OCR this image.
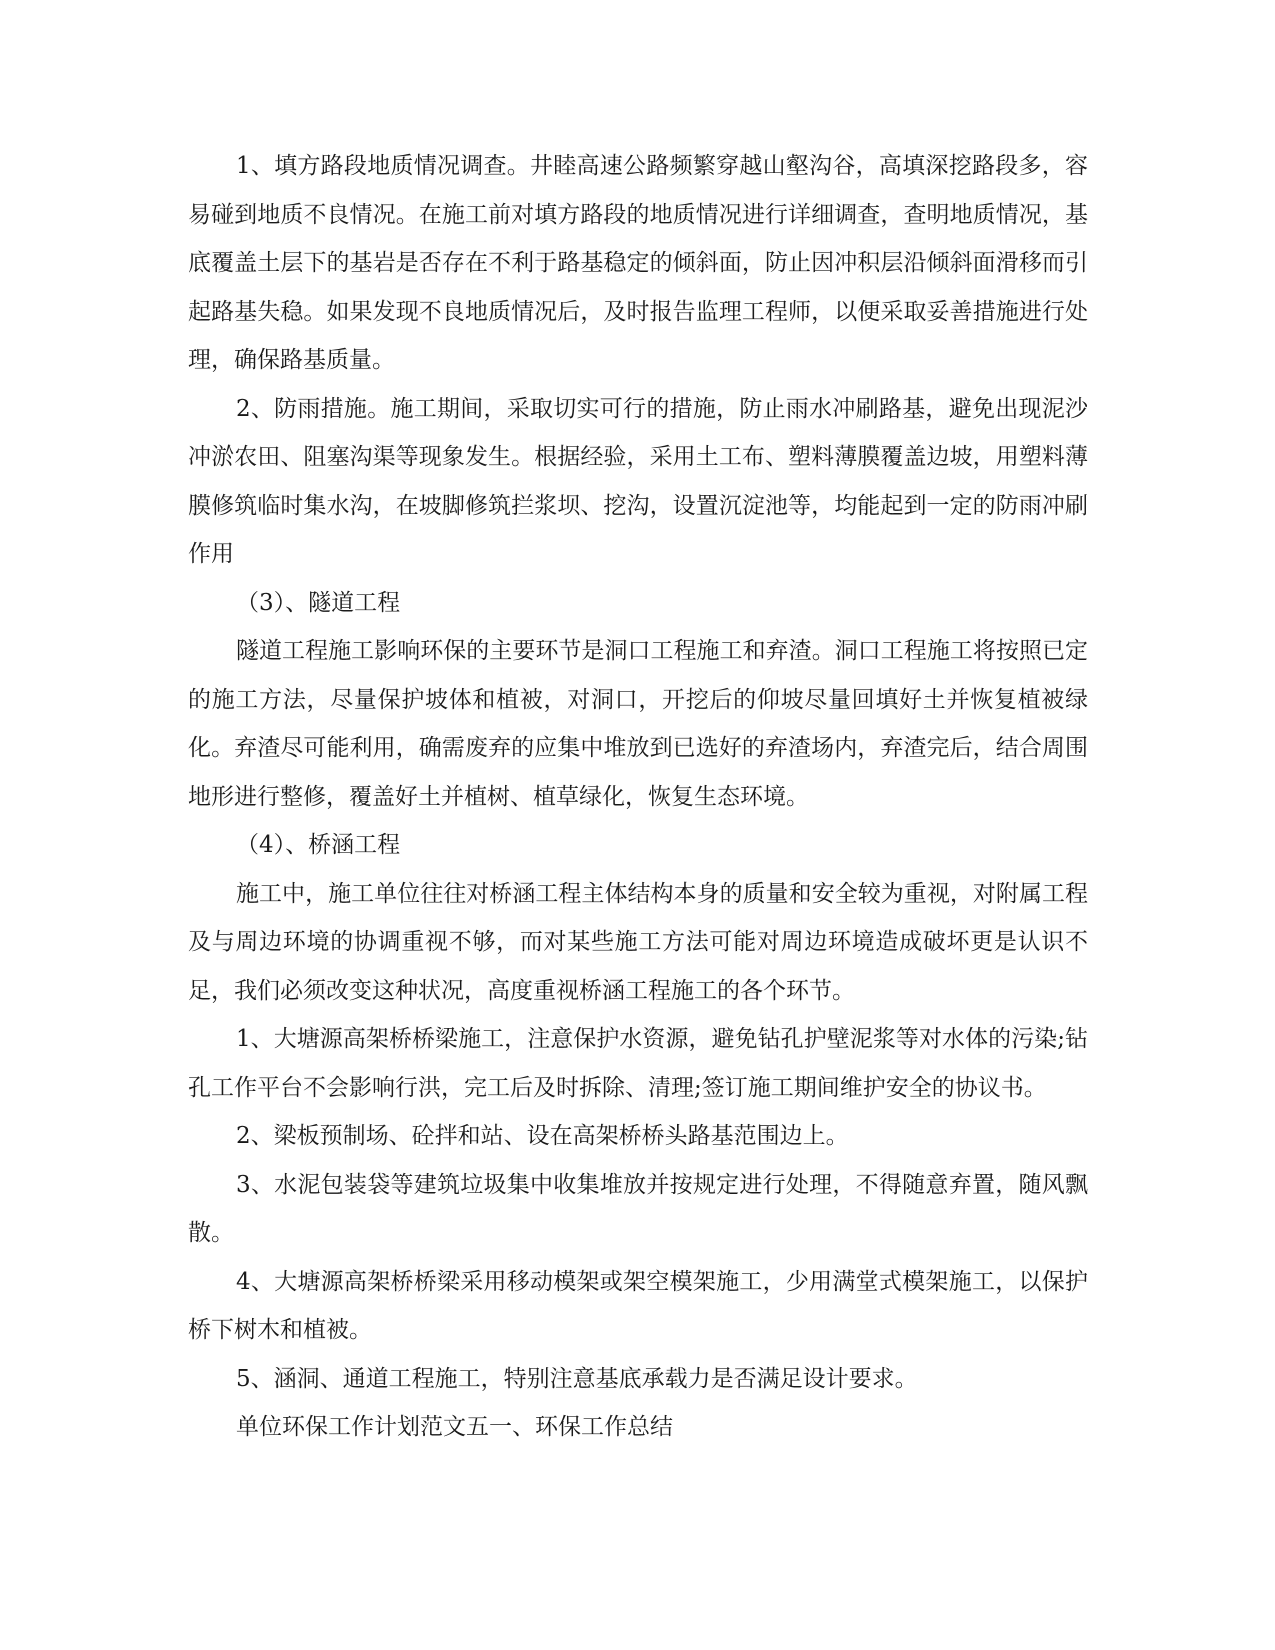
1、填方路段地质情况调查。井睦高速公路频繁穿越山壑沟谷，高填深挖路段多，容易碰到地质不良情况。在施工前对填方路段的地质情况进行详细调查，查明地质情况，基底覆盖土层下的基岩是否存在不利于路基稳定的倾斜面，防止因冲积层沿倾斜面滑移而引起路基失稳。如果发现不良地质情况后，及时报告监理工程师，以便采取妥善措施进行处理，确保路基质量。

2、防雨措施。施工期间，采取切实可行的措施，防止雨水冲刷路基，避免出现泥沙冲淤农田、阻塞沟渠等现象发生。根据经验，采用土工布、塑料薄膜覆盖边坡，用塑料薄膜修筑临时集水沟，在坡脚修筑拦浆坝、挖沟，设置沉淀池等，均能起到一定的防雨冲刷作用

（3）、隧道工程

隧道工程施工影响环保的主要环节是洞口工程施工和弃渣。洞口工程施工将按照已定的施工方法，尽量保护坡体和植被，对洞口，开挖后的仰坡尽量回填好土并恢复植被绿化。弃渣尽可能利用，确需废弃的应集中堆放到已选好的弃渣场内，弃渣完后，结合周围地形进行整修，覆盖好土并植树、植草绿化，恢复生态环境。

（4）、桥涵工程

施工中，施工单位往往对桥涵工程主体结构本身的质量和安全较为重视，对附属工程及与周边环境的协调重视不够，而对某些施工方法可能对周边环境造成破坏更是认识不足，我们必须改变这种状况，高度重视桥涵工程施工的各个环节。

1、大塘源高架桥桥梁施工，注意保护水资源，避免钻孔护壁泥浆等对水体的污染;钻孔工作平台不会影响行洪，完工后及时拆除、清理;签订施工期间维护安全的协议书。

2、梁板预制场、砼拌和站、设在高架桥桥头路基范围边上。

3、水泥包装袋等建筑垃圾集中收集堆放并按规定进行处理，不得随意弃置，随风飘散。

4、大塘源高架桥桥梁采用移动模架或架空模架施工，少用满堂式模架施工，以保护桥下树木和植被。

5、涵洞、通道工程施工，特别注意基底承载力是否满足设计要求。

单位环保工作计划范文五一、环保工作总结
